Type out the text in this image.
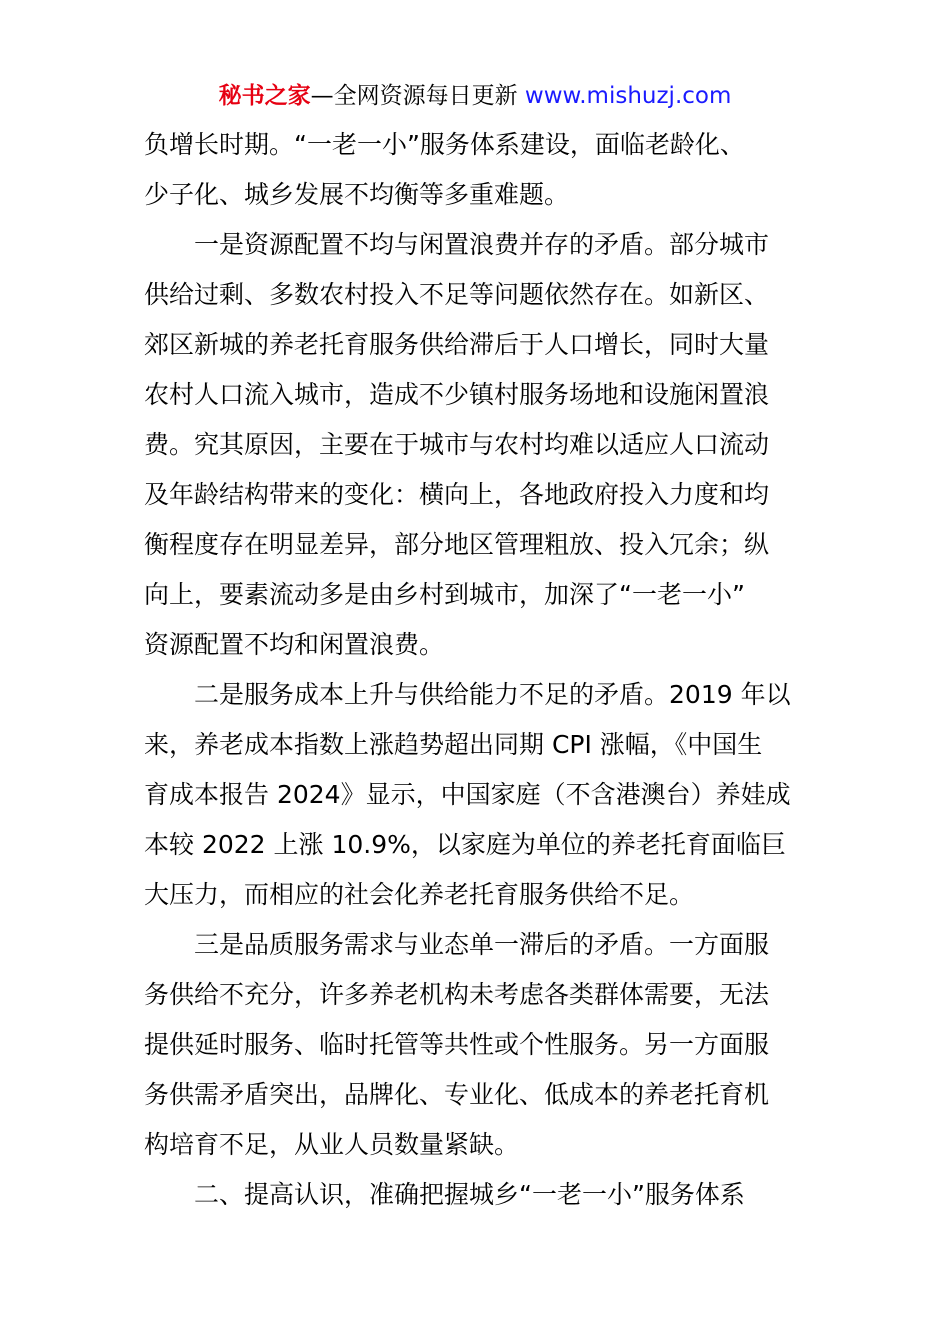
秘书之家—全网资源每日更新 www.mishuzj.com
负增长时期。“一老一小”服务体系建设，面临老龄化、
少子化、城乡发展不均衡等多重难题。
一是资源配置不均与闲置浪费并存的矛盾。部分城市
供给过剩、多数农村投入不足等问题依然存在。如新区、
郊区新城的养老托育服务供给滞后于人口增长，同时大量
农村人口流入城市，造成不少镇村服务场地和设施闲置浪
费。究其原因，主要在于城市与农村均难以适应人口流动
及年龄结构带来的变化：横向上，各地政府投入力度和均
衡程度存在明显差异，部分地区管理粗放、投入冗余；纵
向上，要素流动多是由乡村到城市，加深了“一老一小”
资源配置不均和闲置浪费。
二是服务成本上升与供给能力不足的矛盾。2019 年以
来，养老成本指数上涨趋势超出同期 CPI 涨幅，《中国生
育成本报告 2024》显示，中国家庭（不含港澳台）养娃成
本较 2022 上涨 10.9%，以家庭为单位的养老托育面临巨
大压力，而相应的社会化养老托育服务供给不足。
三是品质服务需求与业态单一滞后的矛盾。一方面服
务供给不充分，许多养老机构未考虑各类群体需要，无法
提供延时服务、临时托管等共性或个性服务。另一方面服
务供需矛盾突出，品牌化、专业化、低成本的养老托育机
构培育不足，从业人员数量紧缺。
二、提高认识，准确把握城乡“一老一小”服务体系
